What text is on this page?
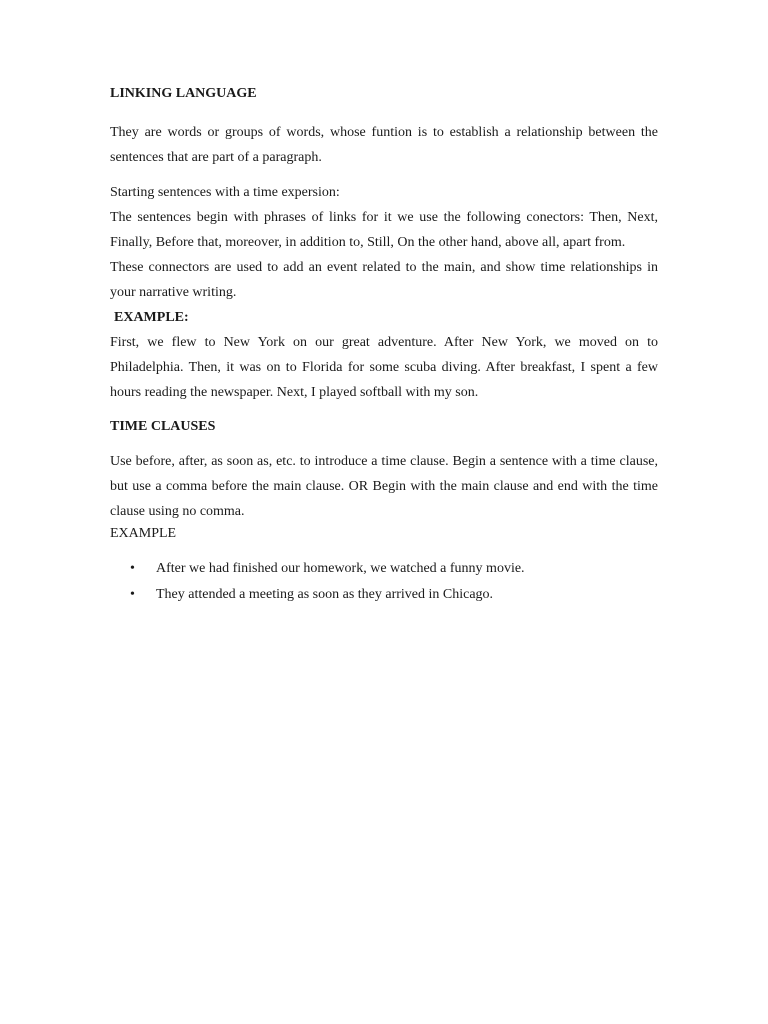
LINKING LANGUAGE

They are words or groups of words, whose funtion is to establish a relationship between the sentences that are part of a paragraph.

Starting sentences with a time expersion:

The sentences begin with phrases of links for it we use the following conectors: Then, Next, Finally, Before that, moreover, in addition to, Still, On the other hand, above all, apart from.

These connectors are used to add an event related to the main, and show time relationships in your narrative writing.

EXAMPLE:

First, we flew to New York on our great adventure. After New York, we moved on to Philadelphia. Then, it was on to Florida for some scuba diving. After breakfast, I spent a few hours reading the newspaper. Next, I played softball with my son.

TIME CLAUSES

Use before, after, as soon as, etc. to introduce a time clause. Begin a sentence with a time clause, but use a comma before the main clause. OR Begin with the main clause and end with the time clause using no comma.

EXAMPLE

• After we had finished our homework, we watched a funny movie.
• They attended a meeting as soon as they arrived in Chicago.
